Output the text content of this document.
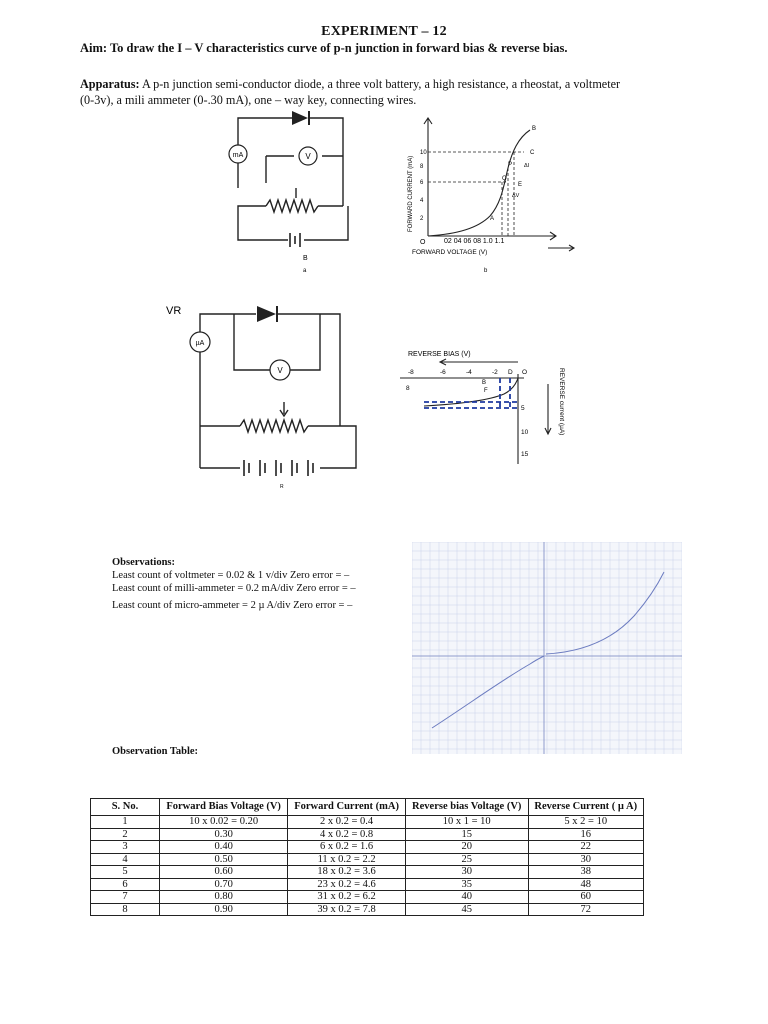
EXPERIMENT – 12
Aim: To draw the I – V characteristics curve of p-n junction in forward bias & reverse bias.
Apparatus: A p-n junction semi-conductor diode, a three volt battery, a high resistance, a rheostat, a voltmeter
(0-3v), a mili ammeter (0-.30 mA), one – way key, connecting wires.
mA	V
B
a
FORWARD CURRENT (mA)
10
8
6
4
2
O	02 04 06 08 1.0 1.1
FORWARD VOLTAGE (V)
A
Q
P
B
C
E
ΔI
ΔV
b
VR
µA
V
R
REVERSE BIAS (V)
-8	-6	-4	-2	O
D
B
F
8
5
10
15
REVERSE current (µA)
Observations:
Least count of voltmeter = 0.02 & 1 v/div Zero error = –
Least count of milli-ammeter = 0.2 mA/div Zero error = –
Least count of micro-ammeter = 2 µ A/div Zero error = –
Observation Table:
S. No.	Forward Bias Voltage (V)	Forward Current (mA)	Reverse bias Voltage (V)	Reverse Current ( µ A)
1	10 x 0.02 = 0.20	2 x 0.2 = 0.4	10 x 1 = 10	5 x 2 = 10
2	0.30	4 x 0.2 = 0.8	15	16
3	0.40	6 x 0.2 = 1.6	20	22
4	0.50	11 x 0.2 = 2.2	25	30
5	0.60	18 x 0.2 = 3.6	30	38
6	0.70	23 x 0.2 = 4.6	35	48
7	0.80	31 x 0.2 = 6.2	40	60
8	0.90	39 x 0.2 = 7.8	45	72
